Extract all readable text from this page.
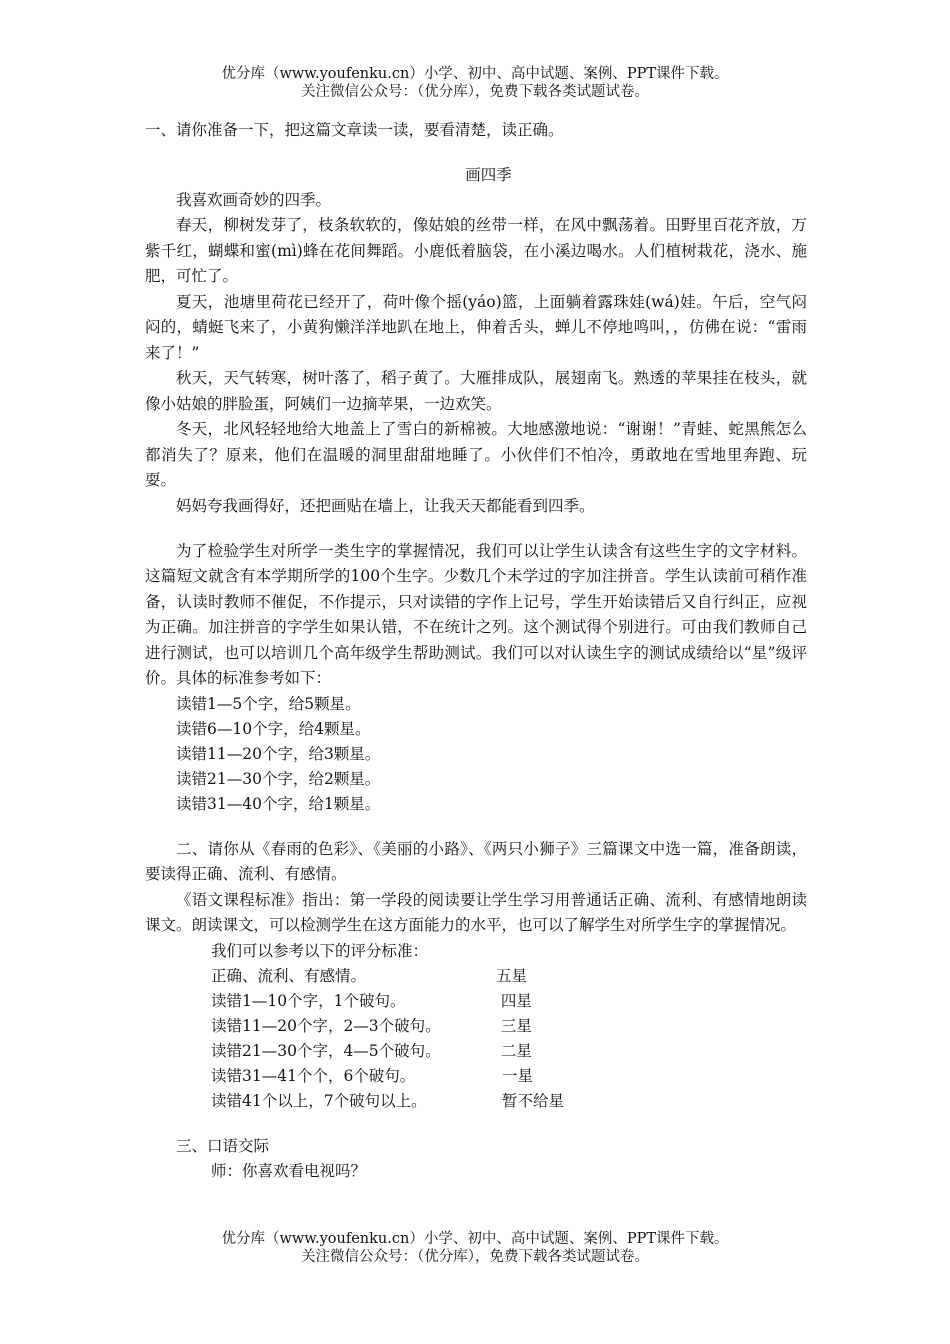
优分库（www.youfenku.cn）小学、初中、高中试题、案例、PPT课件下载。
关注微信公众号：（优分库），免费下载各类试题试卷。
一、请你准备一下，把这篇文章读一读，要看清楚，读正确。
画四季
我喜欢画奇妙的四季。

春天，柳树发芽了，枝条软软的，像姑娘的丝带一样，在风中飘荡着。田野里百花齐放，万紫千红，蝴蝶和蜜(mì)蜂在花间舞蹈。小鹿低着脑袋，在小溪边喝水。人们植树栽花，浇水、施肥，可忙了。

夏天，池塘里荷花已经开了，荷叶像个摇(yáo)篮，上面躺着露珠娃(wá)娃。午后，空气闷闷的，蜻蜓飞来了，小黄狗懒洋洋地趴在地上，伸着舌头，蝉儿不停地鸣叫，，仿佛在说：“雷雨来了！”

秋天，天气转寒，树叶落了，稻子黄了。大雁排成队，展翅南飞。熟透的苹果挂在枝头，就像小姑娘的胖脸蛋，阿姨们一边摘苹果，一边欢笑。

冬天，北风轻轻地给大地盖上了雪白的新棉被。大地感激地说：“谢谢！”青蛙、蛇黑熊怎么都消失了？原来，他们在温暖的洞里甜甜地睡了。小伙伴们不怕冷，勇敢地在雪地里奔跑、玩耍。

妈妈夸我画得好，还把画贴在墙上，让我天天都能看到四季。

为了检验学生对所学一类生字的掌握情况，我们可以让学生认读含有这些生字的文字材料。这篇短文就含有本学期所学的100个生字。少数几个未学过的字加注拼音。学生认读前可稍作准备，认读时教师不催促，不作提示，只对读错的字作上记号，学生开始读错后又自行纠正，应视为正确。加注拼音的字学生如果认错，不在统计之列。这个测试得个别进行。可由我们教师自己进行测试，也可以培训几个高年级学生帮助测试。我们可以对认读生字的测试成绩给以“星”级评价。具体的标准参考如下：

读错1—5个字，给5颗星。
读错6—10个字，给4颗星。
读错11—20个字，给3颗星。
读错21—30个字，给2颗星。
读错31—40个字，给1颗星。

二、请你从《春雨的色彩》、《美丽的小路》、《两只小狮子》三篇课文中选一篇，准备朗读，要读得正确、流利、有感情。

《语文课程标准》指出：第一学段的阅读要让学生学习用普通话正确、流利、有感情地朗读课文。朗读课文，可以检测学生在这方面能力的水平，也可以了解学生对所学生字的掌握情况。

我们可以参考以下的评分标准：
正确、流利、有感情。	五星
读错1—10个字，1个破句。	四星
读错11—20个字，2—3个破句。	三星
读错21—30个字，4—5个破句。	二星
读错31—41个个，6个破句。	一星
读错41个以上，7个破句以上。	暂不给星
三、口语交际
师：你喜欢看电视吗？
优分库（www.youfenku.cn）小学、初中、高中试题、案例、PPT课件下载。
关注微信公众号：（优分库），免费下载各类试题试卷。
